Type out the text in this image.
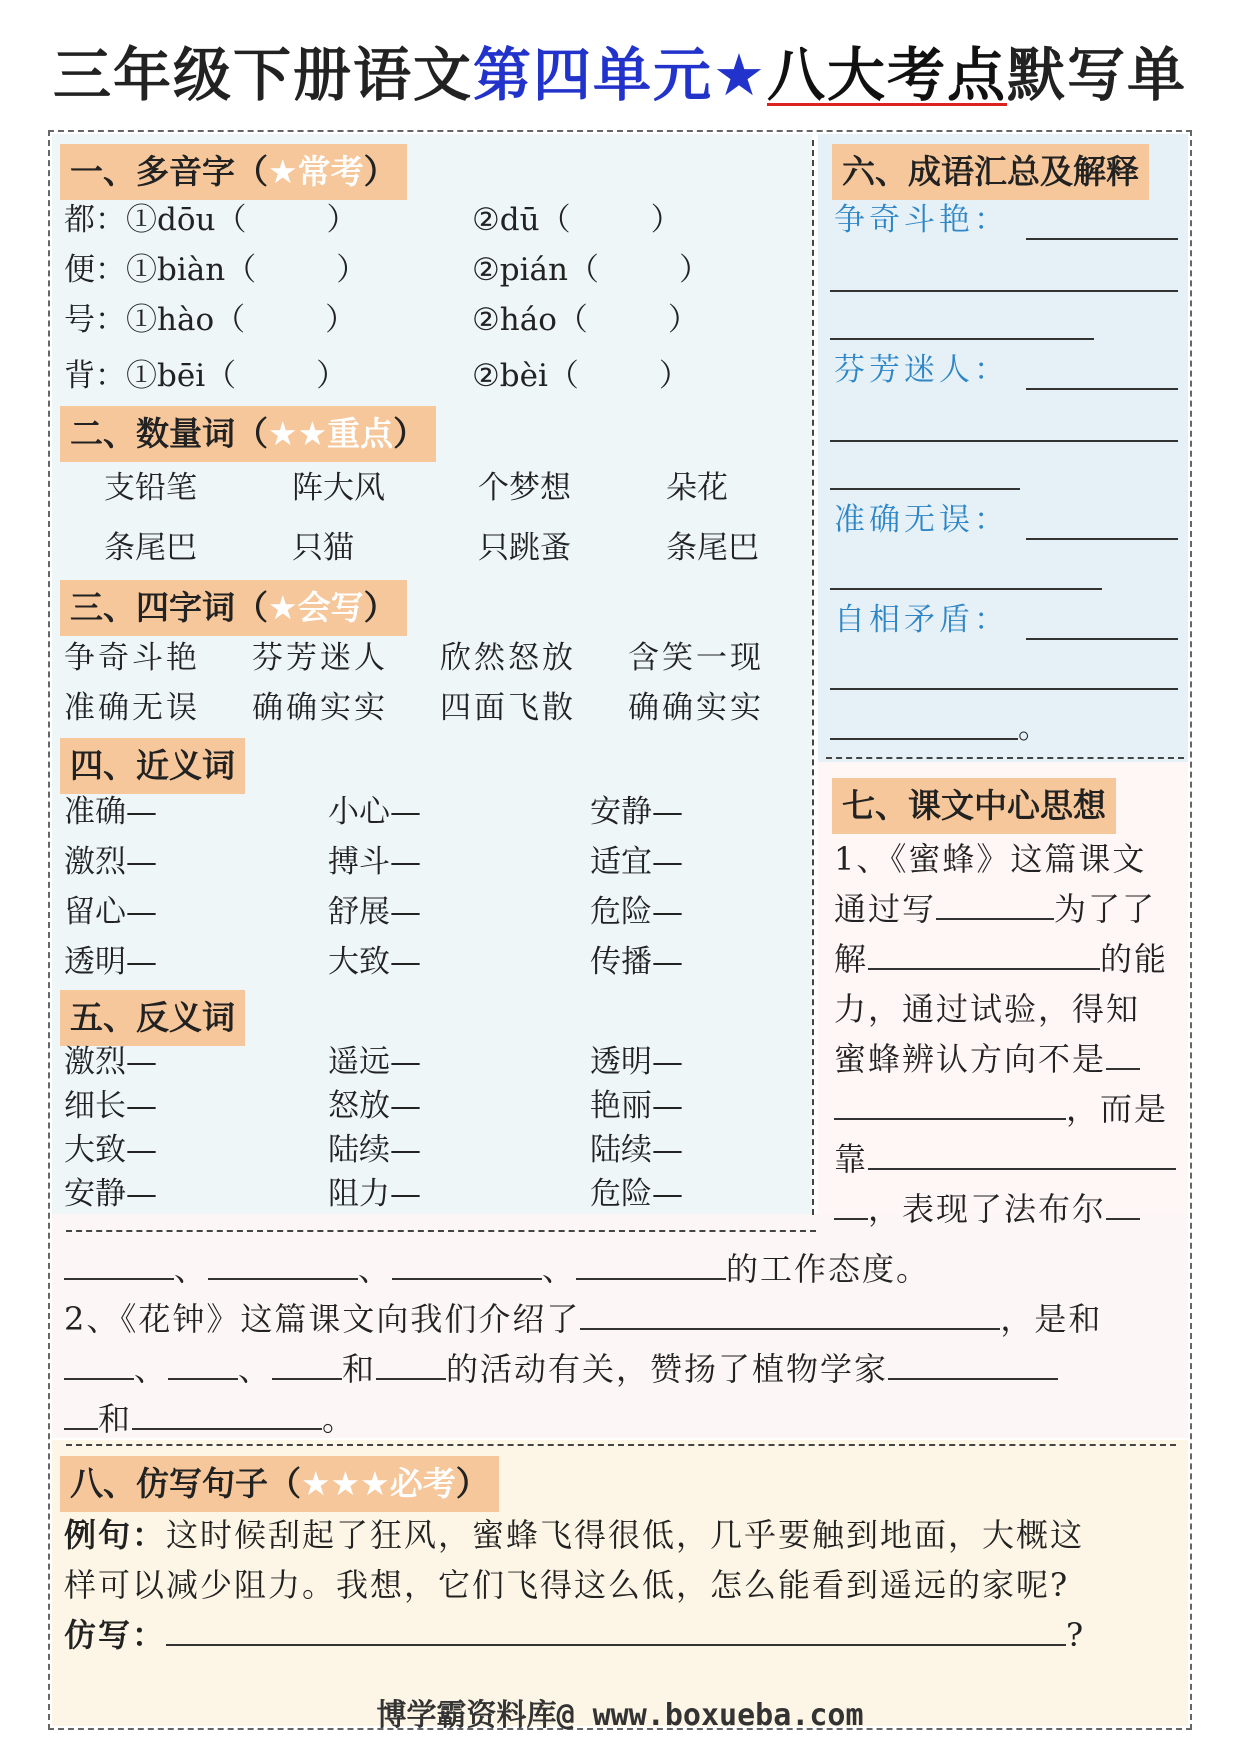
三年级下册语文第四单元★八大考点默写单
一、多音字（★常考）
都：①dōu（	）	②dū（	）
便：①biàn（	）	②pián（	）
号：①hào（	）	②háo（	）
背：①bēi（	）	②bèi（	）
二、数量词（★★重点）
支铅笔	阵大风	个梦想	朵花
条尾巴	只猫	只跳蚤	条尾巴
三、四字词（★会写）
争奇斗艳 芬芳迷人 欣然怒放 含笑一现
准确无误 确确实实 四面飞散 确确实实
四、近义词
准确—	小心—	安静—
激烈—	搏斗—	适宜—
留心—	舒展—	危险—
透明—	大致—	传播—
五、反义词
激烈—	遥远—	透明—
细长—	怒放—	艳丽—
大致—	陆续—	陆续—
安静—	阻力—	危险—
六、成语汇总及解释
争奇斗艳：
芬芳迷人：
准确无误：
自相矛盾：
。
七、课文中心思想
1、《蜜蜂》这篇课文
通过写	为了了
解	的能
力，通过试验，得知
蜜蜂辨认方向不是
，而是
靠
，表现了法布尔
、	、	、	的工作态度。
2、《花钟》这篇课文向我们介绍了	，是和
、 、 和 的活动有关，赞扬了植物学家
和	。
八、仿写句子（★★★必考）
例句：这时候刮起了狂风，蜜蜂飞得很低，几乎要触到地面，大概这
样可以减少阻力。我想，它们飞得这么低，怎么能看到遥远的家呢?
仿写：	?
博学霸资料库@ www.boxueba.com
